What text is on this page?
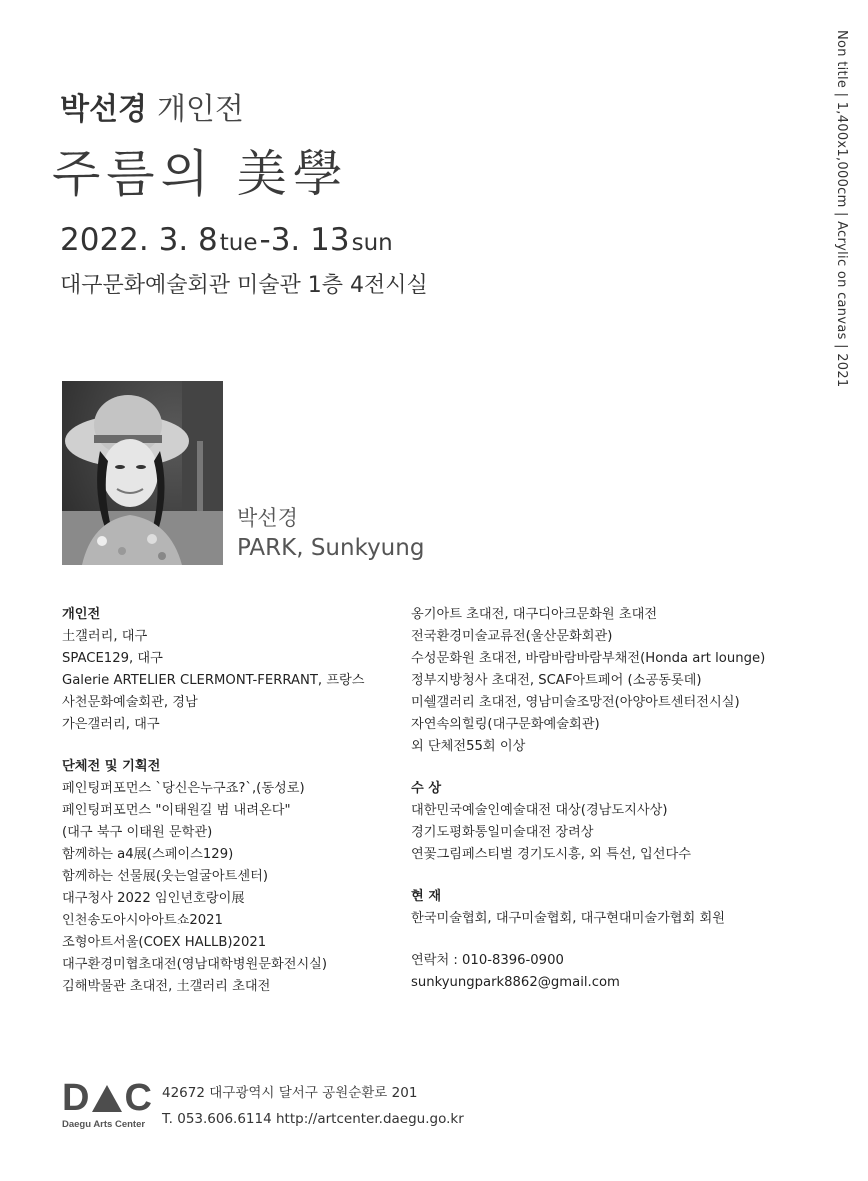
박선경 개인전
주름의 美學
2022. 3. 8tue-3. 13sun
대구문화예술회관 미술관 1층 4전시실	Non title | 1,400x1,000cm | Acrylic on canvas | 2021
박선경
PARK, Sunkyung
개인전
土갤러리, 대구
SPACE129, 대구
Galerie ARTELIER CLERMONT-FERRANT, 프랑스
사천문화예술회관, 경남
가은갤러리, 대구
단체전 및 기획전
페인팅퍼포먼스 `당신은누구죠?`,(동성로)
페인팅퍼포먼스 "이태원길 범 내려온다"
(대구 북구 이태원 문학관)
함께하는 a4展(스페이스129)
함께하는 선물展(웃는얼굴아트센터)
대구청사 2022 임인년호랑이展
인천송도아시아아트쇼2021
조형아트서울(COEX HALLB)2021
대구환경미협초대전(영남대학병원문화전시실)
김해박물관 초대전, 土갤러리 초대전
옹기아트 초대전, 대구디아크문화원 초대전
전국환경미술교류전(울산문화회관)
수성문화원 초대전, 바람바람바람부채전(Honda art lounge)
정부지방청사 초대전, SCAF아트페어 (소공동롯데)
미쉘갤러리 초대전, 영남미술조망전(아양아트센터전시실)
자연속의힐링(대구문화예술회관)
외 단체전55회 이상
수 상
대한민국예술인예술대전 대상(경남도지사상)
경기도평화통일미술대전 장려상
연꽃그림페스티벌 경기도시흥, 외 특선, 입선다수
현 재
한국미술협회, 대구미술협회, 대구현대미술가협회 회원
연락처 : 010-8396-0900
sunkyungpark8862@gmail.com
D C
Daegu Arts Center
42672 대구광역시 달서구 공원순환로 201
T. 053.606.6114 http://artcenter.daegu.go.kr
